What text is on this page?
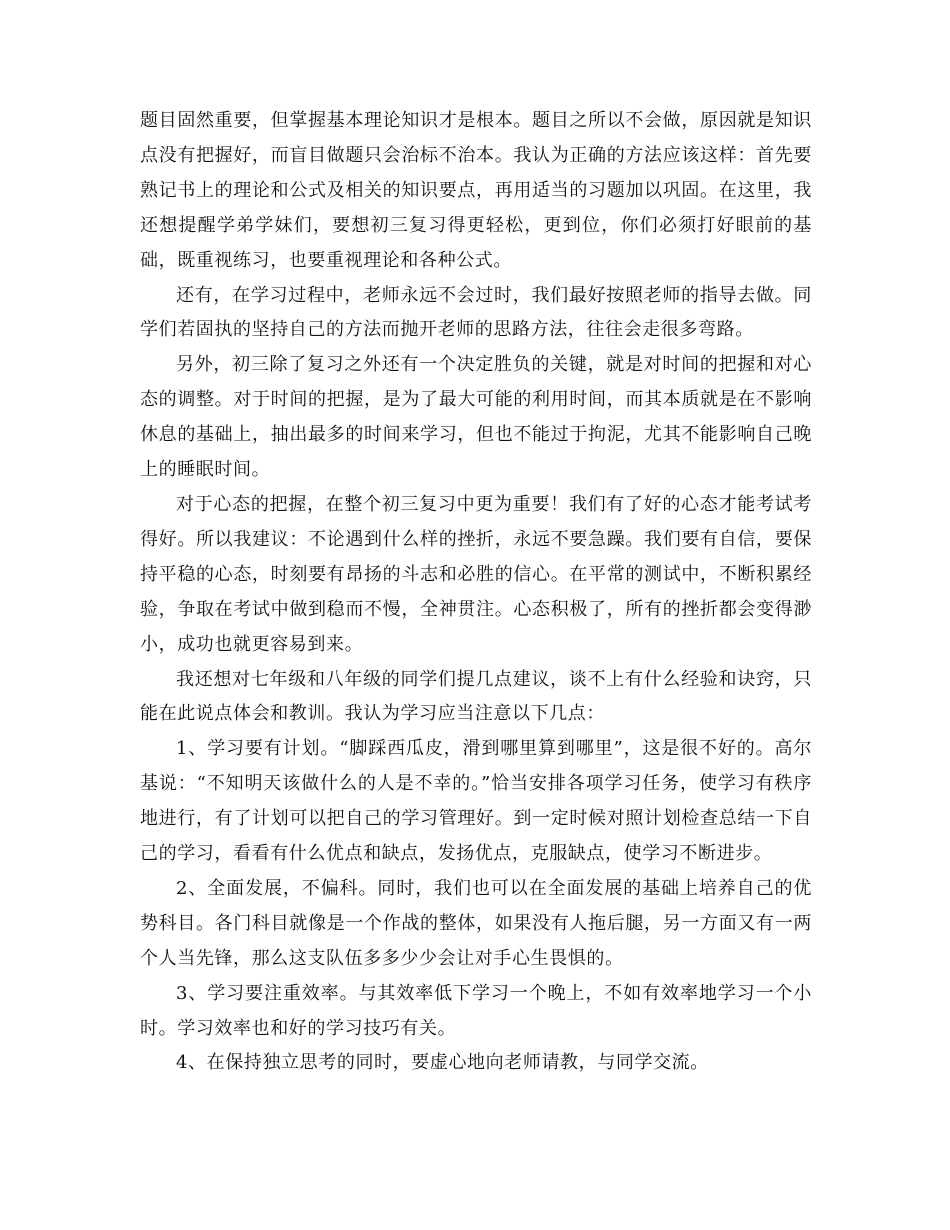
题目固然重要，但掌握基本理论知识才是根本。题目之所以不会做，原因就是知识点没有把握好，而盲目做题只会治标不治本。我认为正确的方法应该这样：首先要熟记书上的理论和公式及相关的知识要点，再用适当的习题加以巩固。在这里，我还想提醒学弟学妹们，要想初三复习得更轻松，更到位，你们必须打好眼前的基础，既重视练习，也要重视理论和各种公式。

还有，在学习过程中，老师永远不会过时，我们最好按照老师的指导去做。同学们若固执的坚持自己的方法而抛开老师的思路方法，往往会走很多弯路。

另外，初三除了复习之外还有一个决定胜负的关键，就是对时间的把握和对心态的调整。对于时间的把握，是为了最大可能的利用时间，而其本质就是在不影响休息的基础上，抽出最多的时间来学习，但也不能过于拘泥，尤其不能影响自己晚上的睡眠时间。

对于心态的把握，在整个初三复习中更为重要！我们有了好的心态才能考试考得好。所以我建议：不论遇到什么样的挫折，永远不要急躁。我们要有自信，要保持平稳的心态，时刻要有昂扬的斗志和必胜的信心。在平常的测试中，不断积累经验，争取在考试中做到稳而不慢，全神贯注。心态积极了，所有的挫折都会变得渺小，成功也就更容易到来。

我还想对七年级和八年级的同学们提几点建议，谈不上有什么经验和诀窍，只能在此说点体会和教训。我认为学习应当注意以下几点：

1、学习要有计划。“脚踩西瓜皮，滑到哪里算到哪里”，这是很不好的。高尔基说：“不知明天该做什么的人是不幸的。”恰当安排各项学习任务，使学习有秩序地进行，有了计划可以把自己的学习管理好。到一定时候对照计划检查总结一下自己的学习，看看有什么优点和缺点，发扬优点，克服缺点，使学习不断进步。

2、全面发展，不偏科。同时，我们也可以在全面发展的基础上培养自己的优势科目。各门科目就像是一个作战的整体，如果没有人拖后腿，另一方面又有一两个人当先锋，那么这支队伍多多少少会让对手心生畏惧的。

3、学习要注重效率。与其效率低下学习一个晚上，不如有效率地学习一个小时。学习效率也和好的学习技巧有关。

4、在保持独立思考的同时，要虚心地向老师请教，与同学交流。
